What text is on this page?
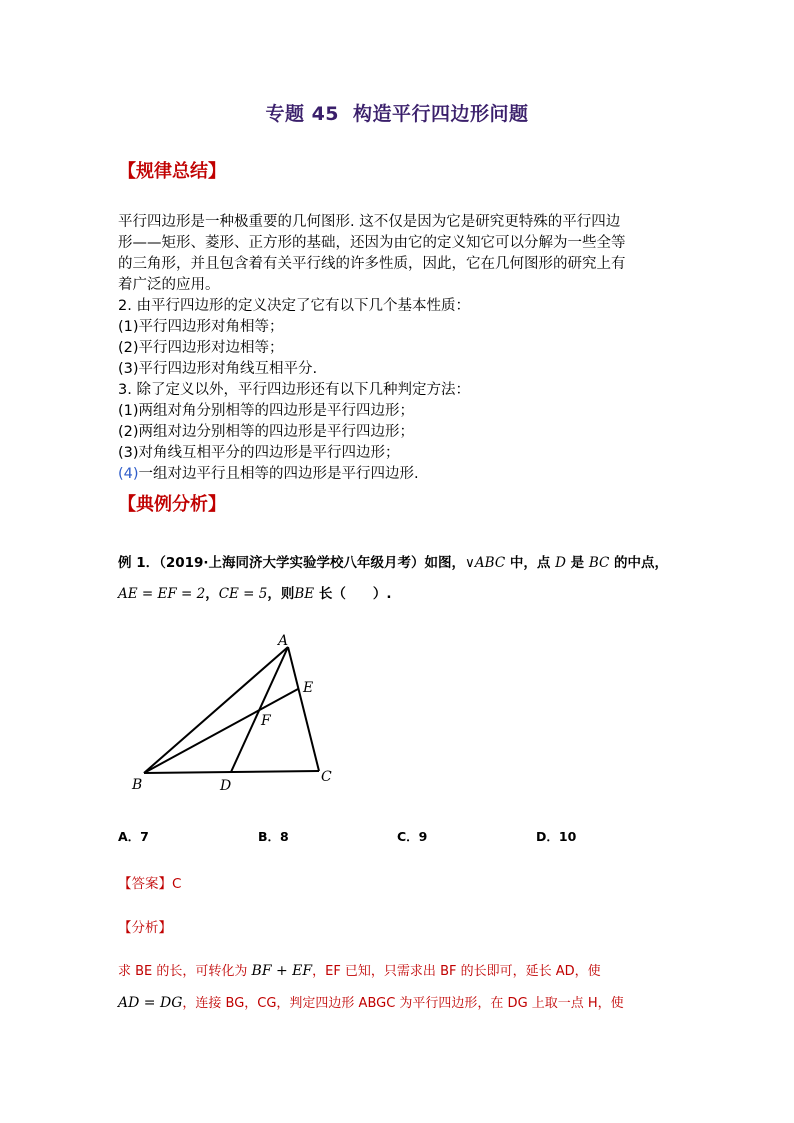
专题 45 构造平行四边形问题
【规律总结】

平行四边形是一种极重要的几何图形. 这不仅是因为它是研究更特殊的平行四边

形——矩形、菱形、正方形的基础，还因为由它的定义知它可以分解为一些全等

的三角形，并且包含着有关平行线的许多性质，因此，它在几何图形的研究上有

着广泛的应用。

2. 由平行四边形的定义决定了它有以下几个基本性质：

(1)平行四边形对角相等；

(2)平行四边形对边相等；

(3)平行四边形对角线互相平分.

3. 除了定义以外，平行四边形还有以下几种判定方法：

(1)两组对角分别相等的四边形是平行四边形；

(2)两组对边分别相等的四边形是平行四边形；

(3)对角线互相平分的四边形是平行四边形；

(4)一组对边平行且相等的四边形是平行四边形.

【典例分析】
例 1．（2019·上海同济大学实验学校八年级月考）如图，∨ABC 中，点 D 是 BC 的中点，
AE = EF = 2，CE = 5，则BE 长（　　）.
A
B	C
D
E
F
A．7	B．8	C．9	D．10
【答案】C
【分析】
求 BE 的长，可转化为 BF + EF，EF 已知，只需求出 BF 的长即可，延长 AD，使
AD = DG，连接 BG，CG，判定四边形 ABGC 为平行四边形，在 DG 上取一点 H，使
